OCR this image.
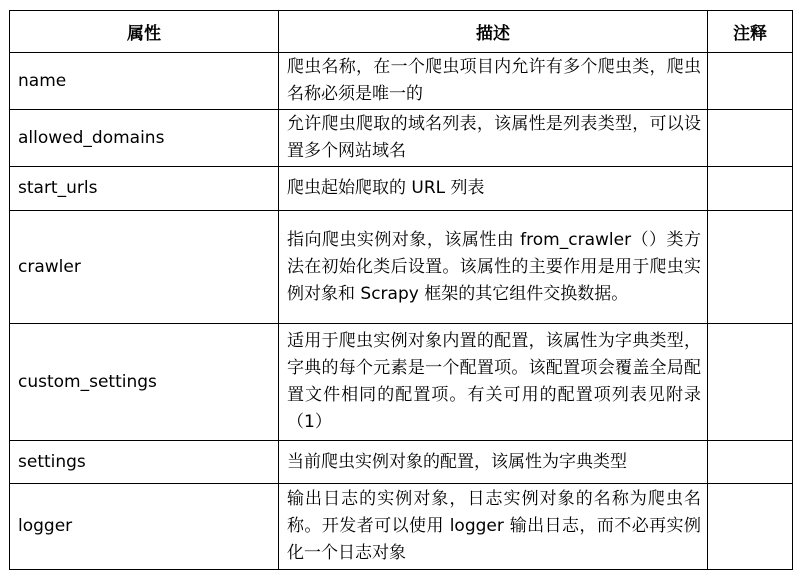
属性	描述	注释
name	爬虫名称，在一个爬虫项目内允许有多个爬虫类，爬虫名称必须是唯一的	
allowed_domains	允许爬虫爬取的域名列表，该属性是列表类型，可以设置多个网站域名	
start_urls	爬虫起始爬取的 URL 列表	
crawler	指向爬虫实例对象，该属性由 from_crawler（）类方法在初始化类后设置。该属性的主要作用是用于爬虫实例对象和 Scrapy 框架的其它组件交换数据。	
custom_settings	适用于爬虫实例对象内置的配置，该属性为字典类型，字典的每个元素是一个配置项。该配置项会覆盖全局配置文件相同的配置项。有关可用的配置项列表见附录（1）	
settings	当前爬虫实例对象的配置，该属性为字典类型	
logger	输出日志的实例对象，日志实例对象的名称为爬虫名称。开发者可以使用 logger 输出日志，而不必再实例化一个日志对象	
